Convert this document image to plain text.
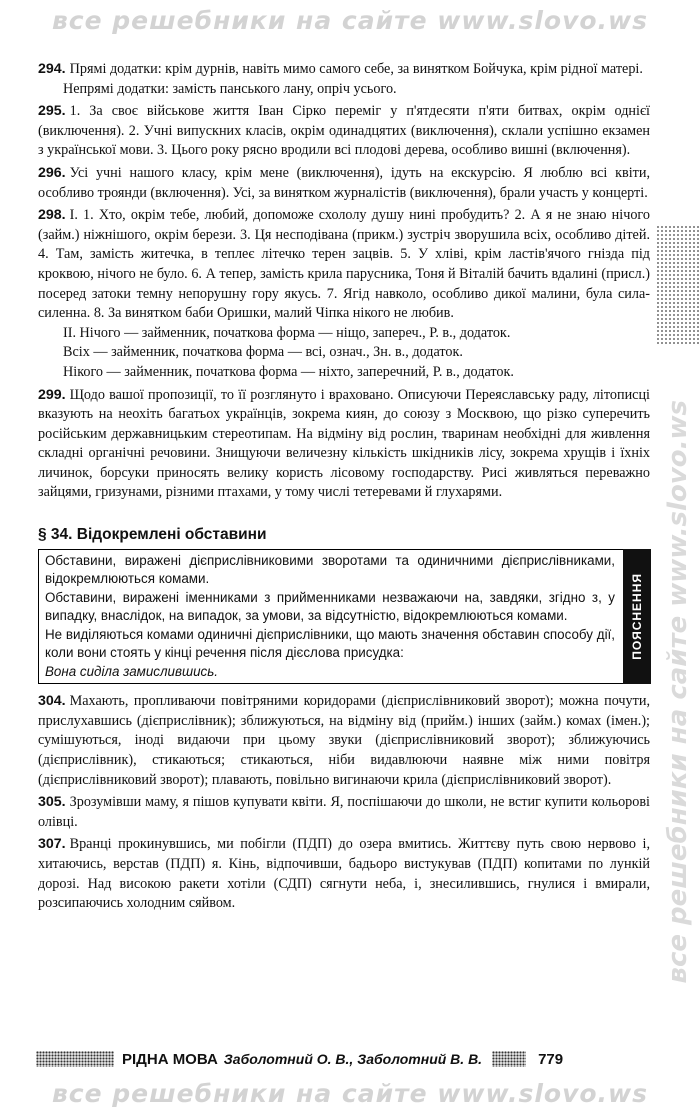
все решебники на сайте www.slovo.ws
все решебники на сайте www.slovo.ws

294. Прямі додатки: крім дурнів, навіть мимо самого себе, за винятком Бойчука, крім рідної матері.

Непрямі додатки: замість панського лану, опріч усього.

295. 1. За своє військове життя Іван Сірко переміг у п'ятдесяти п'яти битвах, окрім однієї (виключення). 2. Учні випускних класів, окрім одинадцятих (виключення), склали успішно екзамен з української мови. 3. Цього року рясно вродили всі плодові дерева, особливо вишні (включення).

296. Усі учні нашого класу, крім мене (виключення), ідуть на екскурсію. Я люблю всі квіти, особливо троянди (включення). Усі, за винятком журналістів (виключення), брали участь у концерті.

298. І. 1. Хто, окрім тебе, любий, допоможе схололу душу нині пробудить? 2. А я не знаю нічого (займ.) ніжнішого, окрім берези. 3. Ця несподівана (прикм.) зустріч зворушила всіх, особливо дітей. 4. Там, замість житечка, в теплеє літечко терен зацвів. 5. У хліві, крім ластів'ячого гнізда під кроквою, нічого не було. 6. А тепер, замість крила парусника, Тоня й Віталій бачить вдалині (присл.) посеред затоки темну непорушну гору якусь. 7. Ягід навколо, особливо дикої малини, була сила-силенна. 8. За винятком баби Оришки, малий Чіпка нікого не любив.

II. Нічого — займенник, початкова форма — ніщо, запереч., Р. в., додаток.

Всіх — займенник, початкова форма — всі, означ., Зн. в., додаток.

Нікого — займенник, початкова форма — ніхто, заперечний, Р. в., додаток.

299. Щодо вашої пропозиції, то її розглянуто і враховано. Описуючи Переяславську раду, літописці вказують на неохіть багатьох українців, зокрема киян, до союзу з Москвою, що різко суперечить російським державницьким стереотипам. На відміну від рослин, тваринам необхідні для живлення складні органічні речовини. Знищуючи величезну кількість шкідників лісу, зокрема хрущів і їхніх личинок, борсуки приносять велику користь лісовому господарству. Рисі живляться переважно зайцями, гризунами, різними птахами, у тому числі тетеревами й глухарями.

§ 34. Відокремлені обставини

Обставини, виражені дієприслівниковими зворотами та одиничними дієприслівниками, відокремлюються комами.

Обставини, виражені іменниками з прийменниками незважаючи на, завдяки, згідно з, у випадку, внаслідок, на випадок, за умови, за відсутністю, відокремлюються комами.

Не виділяються комами одиничні дієприслівники, що мають значення обставин способу дії, коли вони стоять у кінці речення після дієслова присудка:

Вона сиділа замислившись.

ПОЯСНЕННЯ

304. Махають, пропливаючи повітряними коридорами (дієприслівниковий зворот); можна почути, прислухавшись (дієприслівник); зближуються, на відміну від (прийм.) інших (займ.) комах (імен.); сумішуються, іноді видаючи при цьому звуки (дієприслівниковий зворот); зближуючись (дієприслівник), стикаються; стикаються, ніби видавлюючи наявне між ними повітря (дієприслівниковий зворот); плавають, повільно вигинаючи крила (дієприслівниковий зворот).

305. Зрозумівши маму, я пішов купувати квіти. Я, поспішаючи до школи, не встиг купити кольорові олівці.

307. Вранці прокинувшись, ми побігли (ПДП) до озера вмитись. Життєву путь свою нервово і, хитаючись, верстав (ПДП) я. Кінь, відпочивши, бадьоро вистукував (ПДП) копитами по лункій дорозі. Над високою ракети хотіли (СДП) сягнути неба, і, знесилившись, гнулися і вмирали, розсипаючись холодним сяйвом.

РІДНА МОВА Заболотний О. В., Заболотний В. В.	779
все решебники на сайте www.slovo.ws
